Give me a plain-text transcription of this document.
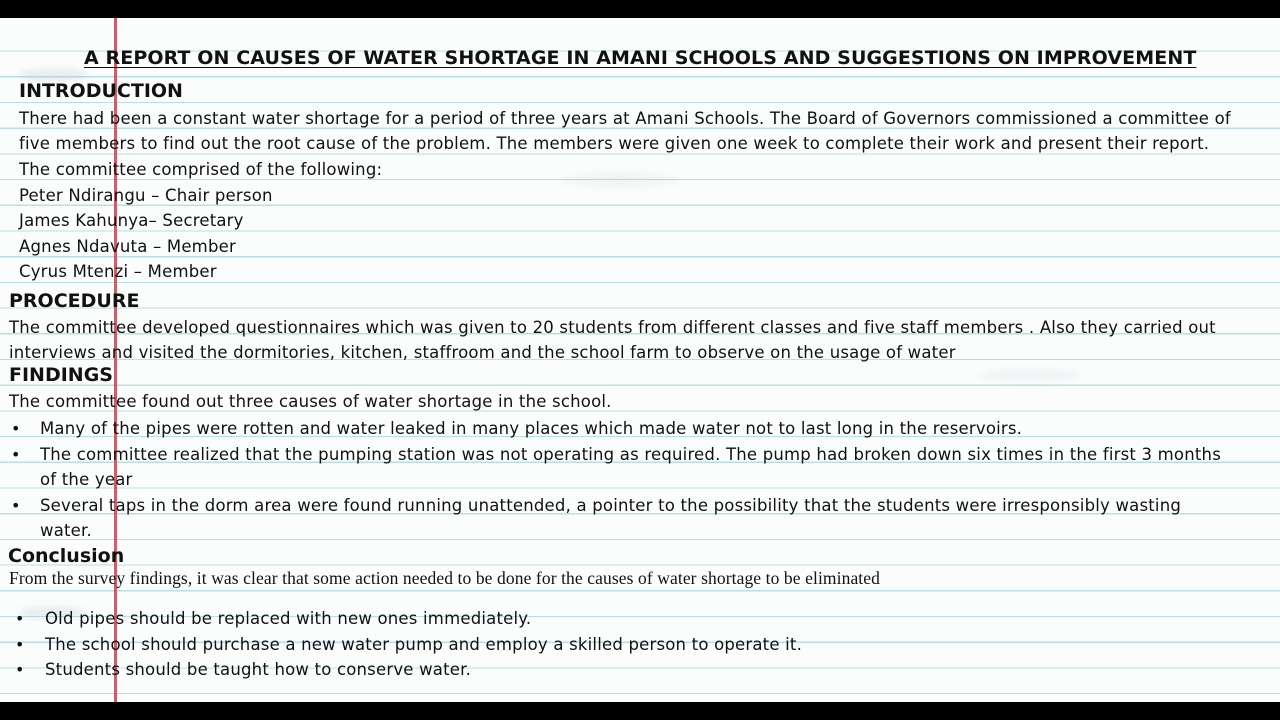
A REPORT ON CAUSES OF WATER SHORTAGE IN AMANI SCHOOLS AND SUGGESTIONS ON IMPROVEMENT
INTRODUCTION
There had been a constant water shortage for a period of three years at Amani Schools. The Board of Governors commissioned a committee of
five members to find out the root cause of the problem. The members were given one week to complete their work and present their report.
The committee comprised of the following:
Peter Ndirangu – Chair person
James Kahunya– Secretary
Agnes Ndavuta – Member
Cyrus Mtenzi – Member
PROCEDURE
The committee developed questionnaires which was given to 20 students from different classes and five staff members . Also they carried out
interviews and visited the dormitories, kitchen, staffroom and the school farm to observe on the usage of water
FINDINGS
The committee found out three causes of water shortage in the school.
• Many of the pipes were rotten and water leaked in many places which made water not to last long in the reservoirs.
• The committee realized that the pumping station was not operating as required. The pump had broken down six times in the first 3 months
of the year
• Several taps in the dorm area were found running unattended, a pointer to the possibility that the students were irresponsibly wasting
water.
Conclusion
From the survey findings, it was clear that some action needed to be done for the causes of water shortage to be eliminated
• Old pipes should be replaced with new ones immediately.
• The school should purchase a new water pump and employ a skilled person to operate it.
• Students should be taught how to conserve water.
